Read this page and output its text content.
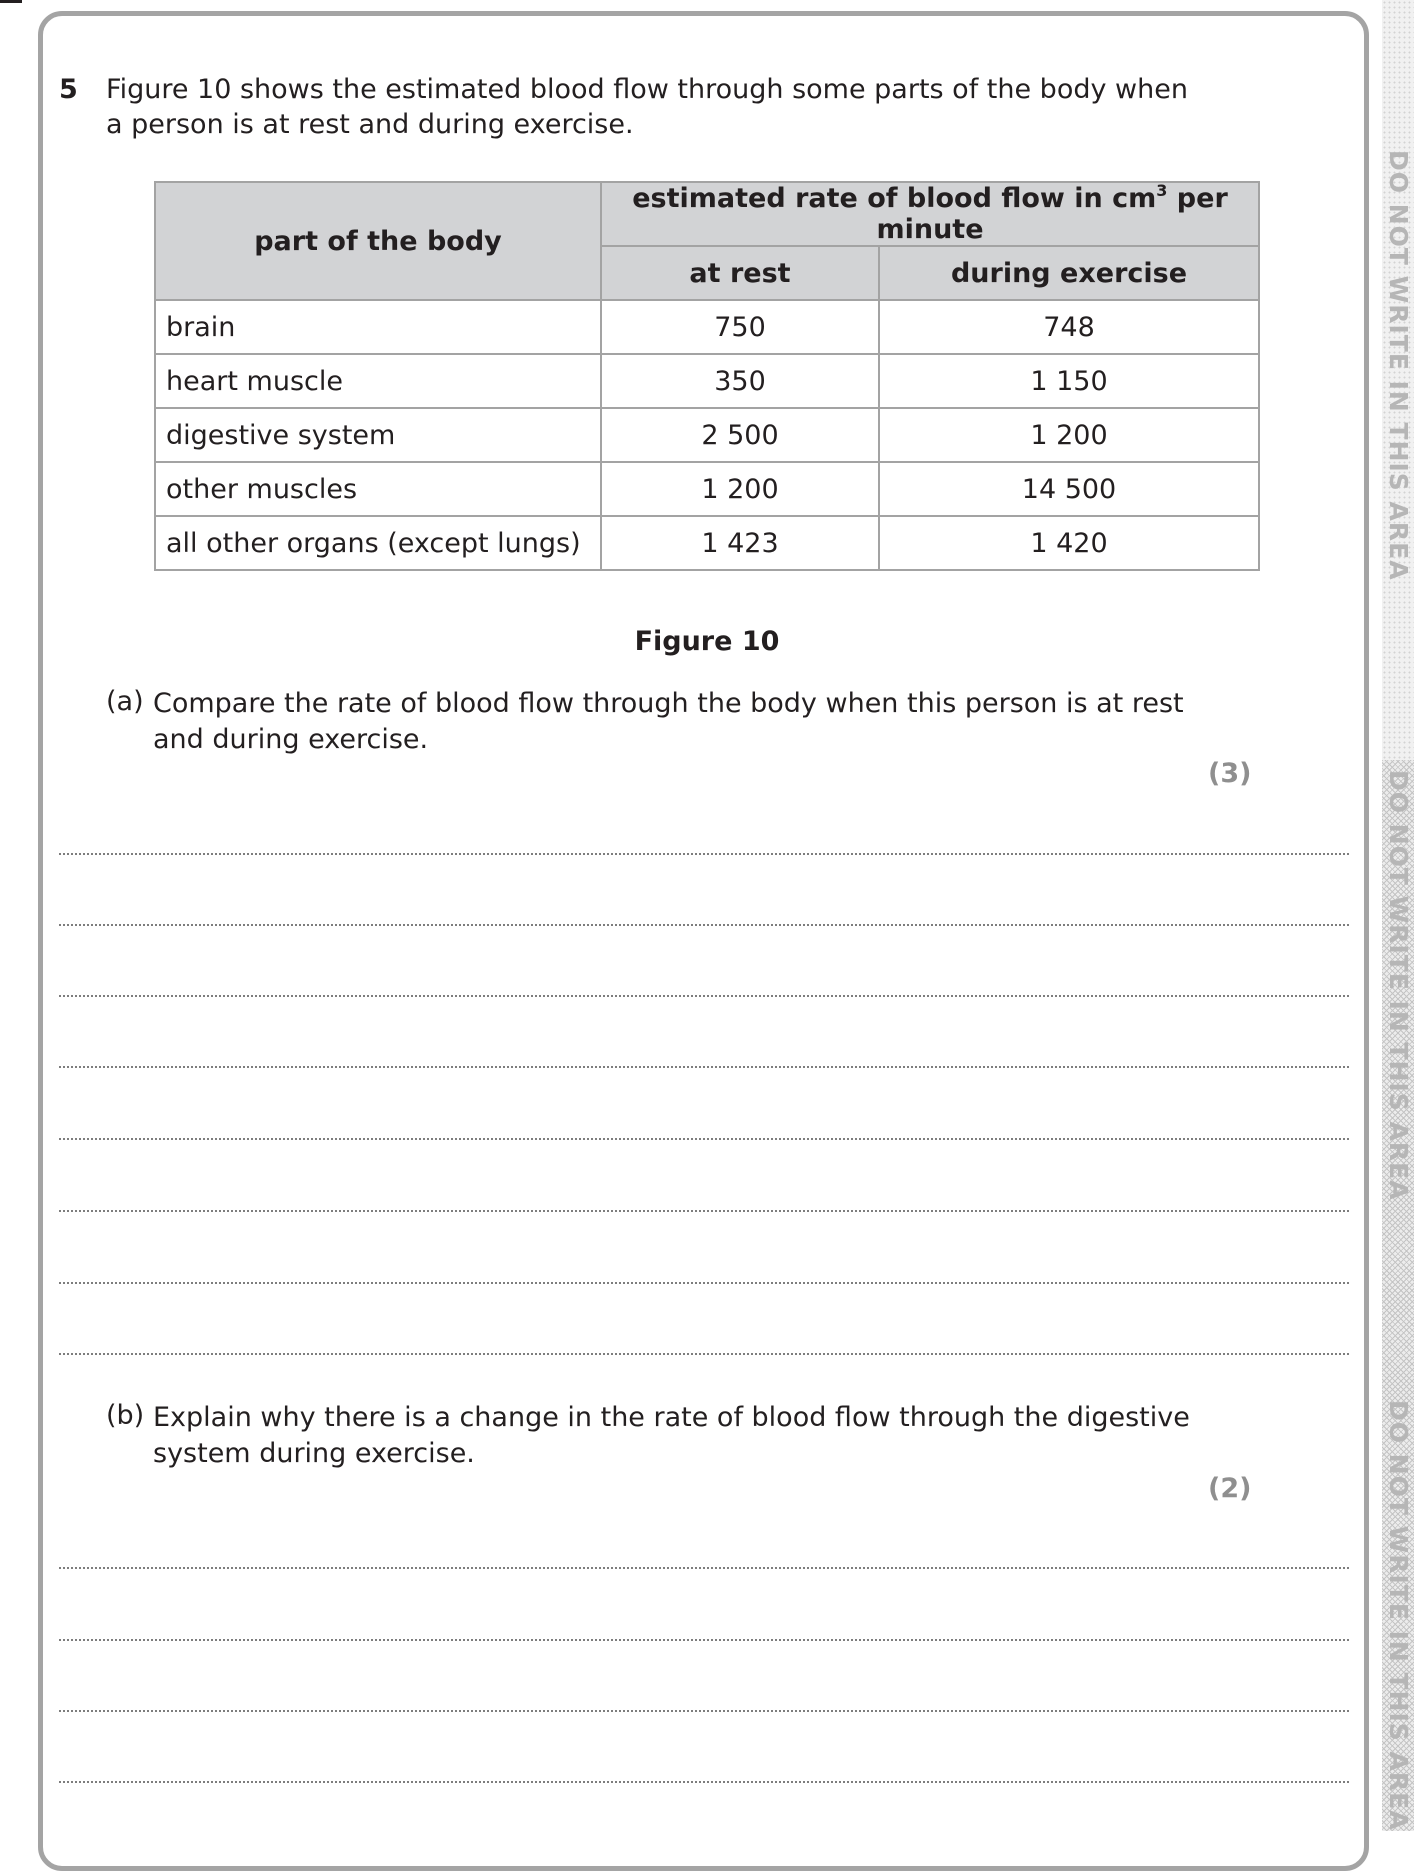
DO NOT WRITE IN THIS AREA
DO NOT WRITE IN THIS AREA
DO NOT WRITE IN THIS AREA
5 Figure 10 shows the estimated blood flow through some parts of the body when a person is at rest and during exercise.
part of the body	estimated rate of blood flow in $cm^3$ per minute	
	at rest	during exercise
brain	750	748
heart muscle	350	1 150
digestive system	2 500	1 200
other muscles	1 200	14 500
all other organs (except lungs)	1 423	1 420
Figure 10
(a) Compare the rate of blood flow through the body when this person is at rest and during exercise.
(3)
(b) Explain why there is a change in the rate of blood flow through the digestive system during exercise.
(2)
